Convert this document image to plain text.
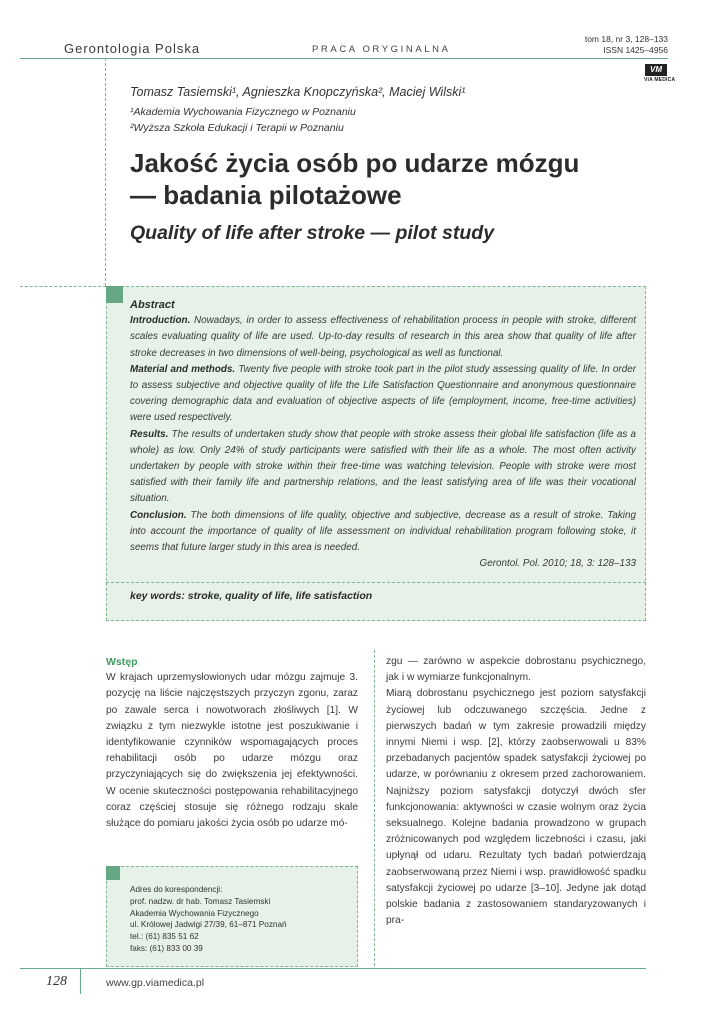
Gerontologia Polska	PRACA ORYGINALNA
tom 18, nr 3, 128–133
ISSN 1425–4956
VM
VIA MEDICA
Tomasz Tasiemski¹, Agnieszka Knopczyńska², Maciej Wilski¹
¹Akademia Wychowania Fizycznego w Poznaniu
²Wyższa Szkoła Edukacji i Terapii w Poznaniu
Jakość życia osób po udarze mózgu
— badania pilotażowe
Quality of life after stroke — pilot study

Abstract

Introduction. Nowadays, in order to assess effectiveness of rehabilitation process in people with stroke, different scales evaluating quality of life are used. Up-to-day results of research in this area show that quality of life after stroke decreases in two dimensions of well-being, psychological as well as functional.

Material and methods. Twenty five people with stroke took part in the pilot study assessing quality of life. In order to assess subjective and objective quality of life the Life Satisfaction Questionnaire and anonymous questionnaire covering demographic data and evaluation of objective aspects of life (employment, income, free-time activities) were used respectively.

Results. The results of undertaken study show that people with stroke assess their global life satisfaction (life as a whole) as low. Only 24% of study participants were satisfied with their life as a whole. The most often activity undertaken by people with stroke within their free-time was watching television. People with stroke were most satisfied with their family life and partnership relations, and the least satisfying area of life was their vocational situation.

Conclusion. The both dimensions of life quality, objective and subjective, decrease as a result of stroke. Taking into account the importance of quality of life assessment on individual rehabilitation program following stoke, it seems that future larger study in this area is needed.

Gerontol. Pol. 2010; 18, 3: 128–133

key words: stroke, quality of life, life satisfaction
Wstęp
W krajach uprzemysłowionych udar mózgu zajmuje 3. pozycję na liście najczęstszych przyczyn zgonu, zaraz po zawale serca i nowotworach złośliwych [1]. W związku z tym niezwykle istotne jest poszukiwanie i identyfikowanie czynników wspomagających proces rehabilitacji osób po udarze mózgu oraz przyczyniających się do zwiększenia jej efektywności. W ocenie skuteczności postępowania rehabilitacyjnego coraz częściej stosuje się różnego rodzaju skale służące do pomiaru jakości życia osób po udarze mó-
zgu — zarówno w aspekcie dobrostanu psychicznego, jak i w wymiarze funkcjonalnym.
Miarą dobrostanu psychicznego jest poziom satysfakcji życiowej lub odczuwanego szczęścia. Jedne z pierwszych badań w tym zakresie prowadzili między innymi Niemi i wsp. [2], którzy zaobserwowali u 83% przebadanych pacjentów spadek satysfakcji życiowej po udarze, w porównaniu z okresem przed zachorowaniem. Najniższy poziom satysfakcji dotyczył dwóch sfer funkcjonowania: aktywności w czasie wolnym oraz życia seksualnego. Kolejne badania prowadzono w grupach zróżnicowanych pod względem liczebności i czasu, jaki upłynął od udaru. Rezultaty tych badań potwierdzają zaobserwowaną przez Niemi i wsp. prawidłowość spadku satysfakcji życiowej po udarze [3–10]. Jedyne jak dotąd polskie badania z zastosowaniem standaryzowanych i pra-
Adres do korespondencji:
prof. nadzw. dr hab. Tomasz Tasiemski
Akademia Wychowania Fizycznego
ul. Królowej Jadwigi 27/39, 61–871 Poznań
tel.: (61) 835 51 62
faks: (61) 833 00 39
128	www.gp.viamedica.pl
